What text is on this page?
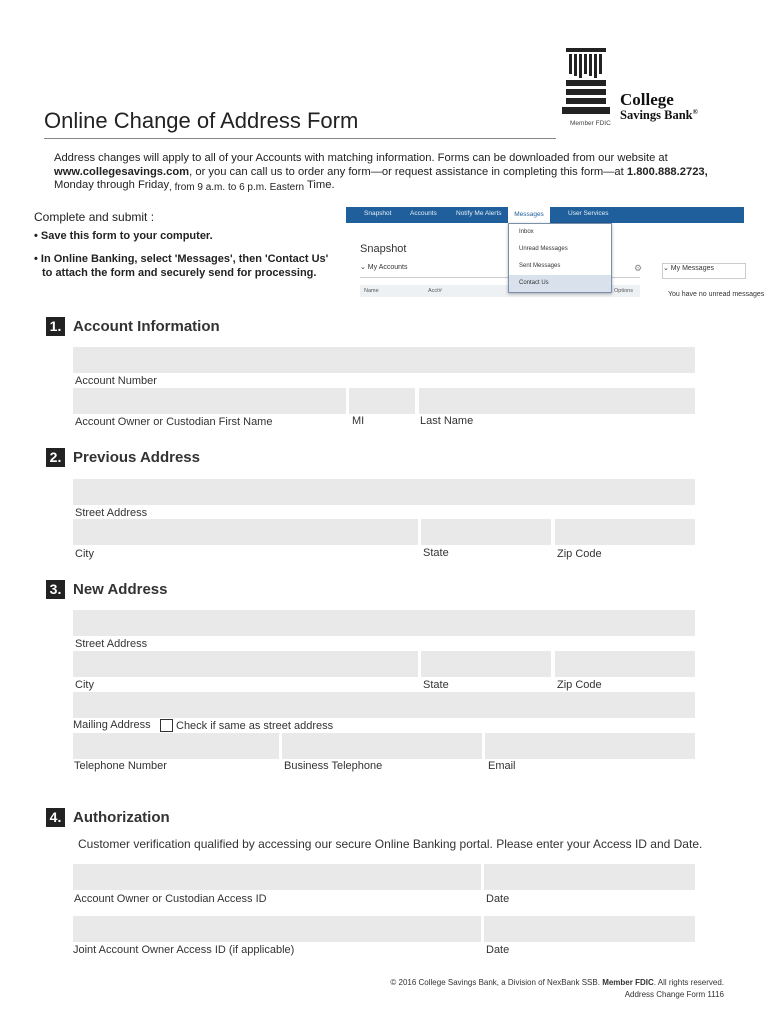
Online Change of Address Form
College
Savings Bank®
Member FDIC
Address changes will apply to all of your Accounts with matching information. Forms can be downloaded from our website at
www.collegesavings.com, or you can call us to order any form—or request assistance in completing this form—at 1.800.888.2723,
Monday through Friday, from 9 a.m. to 6 p.m. Eastern Time.
Complete and submit :
• Save this form to your computer.
• In Online Banking, select 'Messages', then 'Contact Us'
to attach the form and securely send for processing.
Snapshot	Accounts	Notify Me Alerts	User Services
Messages
Snapshot
⌄ My Accounts	⚙
Name	Acct#	Options
⌄ My Messages
You have no unread messages
Inbox
Unread Messages
Sent Messages
Contact Us
1. Account Information
Account Number
Account Owner or Custodian First Name	MI	Last Name
2. Previous Address
Street Address
City	State	Zip Code
3. New Address
Street Address
City	State	Zip Code
Mailing Address Check if same as street address
Telephone Number	Business Telephone	Email
4. Authorization
Customer verification qualified by accessing our secure Online Banking portal. Please enter your Access ID and Date.
Account Owner or Custodian Access ID	Date
Joint Account Owner Access ID (if applicable)	Date
© 2016 College Savings Bank, a Division of NexBank SSB. Member FDIC. All rights reserved.
Address Change Form 1116
